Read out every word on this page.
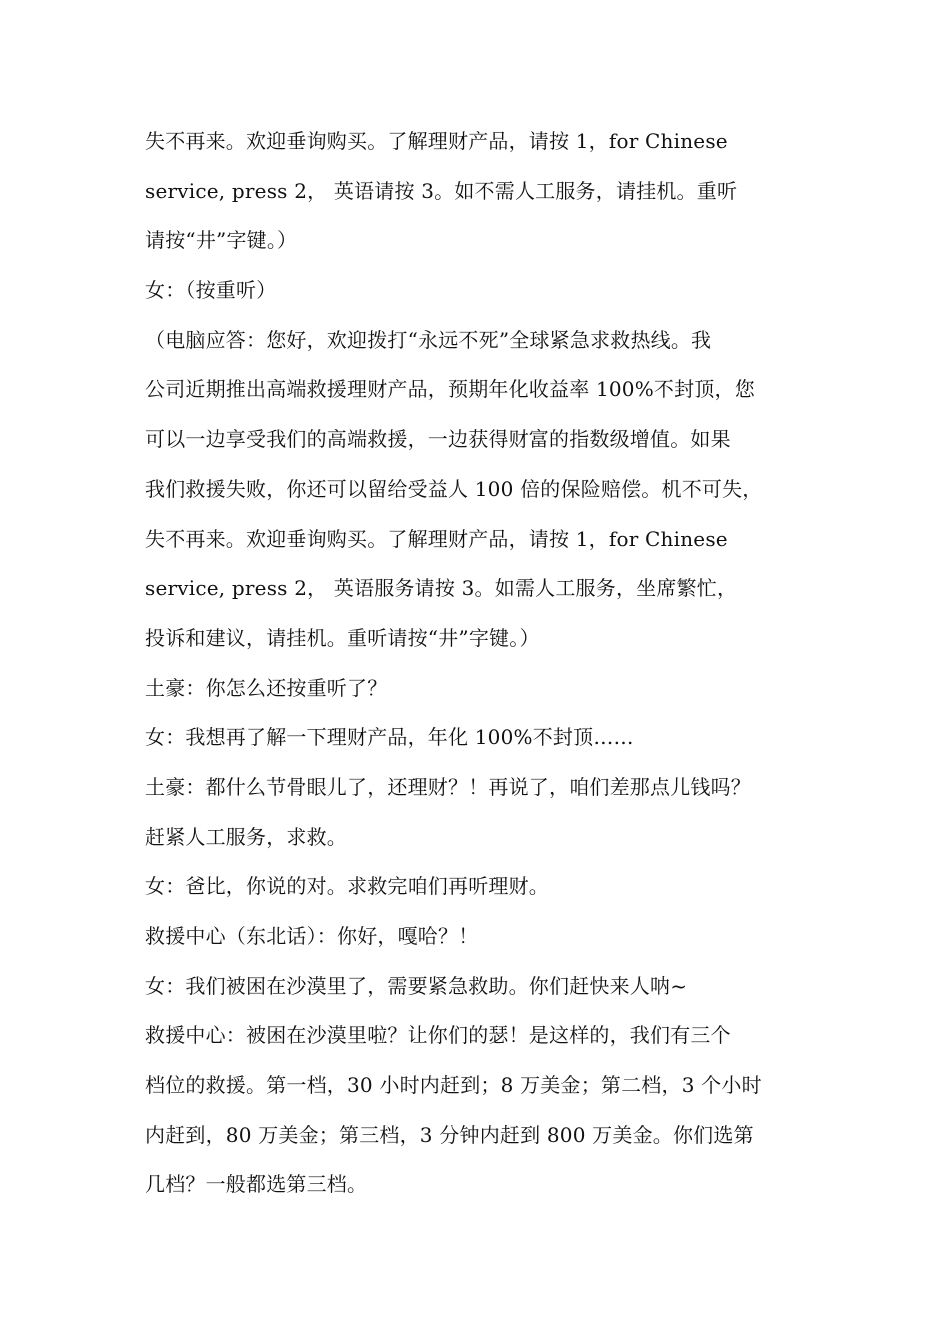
失不再来。欢迎垂询购买。了解理财产品，请按 1，for Chinese
service, press 2， 英语请按 3。如不需人工服务，请挂机。重听
请按“井”字键。）
女：（按重听）
（电脑应答：您好，欢迎拨打“永远不死”全球紧急求救热线。我
公司近期推出高端救援理财产品，预期年化收益率 100%不封顶，您
可以一边享受我们的高端救援，一边获得财富的指数级增值。如果
我们救援失败，你还可以留给受益人 100 倍的保险赔偿。机不可失，
失不再来。欢迎垂询购买。了解理财产品，请按 1，for Chinese
service, press 2， 英语服务请按 3。如需人工服务，坐席繁忙，
投诉和建议，请挂机。重听请按“井”字键。）
土豪：你怎么还按重听了？
女：我想再了解一下理财产品，年化 100%不封顶……
土豪：都什么节骨眼儿了，还理财？！再说了，咱们差那点儿钱吗？
赶紧人工服务，求救。
女：爸比，你说的对。求救完咱们再听理财。
救援中心（东北话）：你好，嘎哈？！
女：我们被困在沙漠里了，需要紧急救助。你们赶快来人呐~
救援中心：被困在沙漠里啦？让你们的瑟！是这样的，我们有三个
档位的救援。第一档，30 小时内赶到；8 万美金；第二档，3 个小时
内赶到，80 万美金；第三档，3 分钟内赶到 800 万美金。你们选第
几档？一般都选第三档。
